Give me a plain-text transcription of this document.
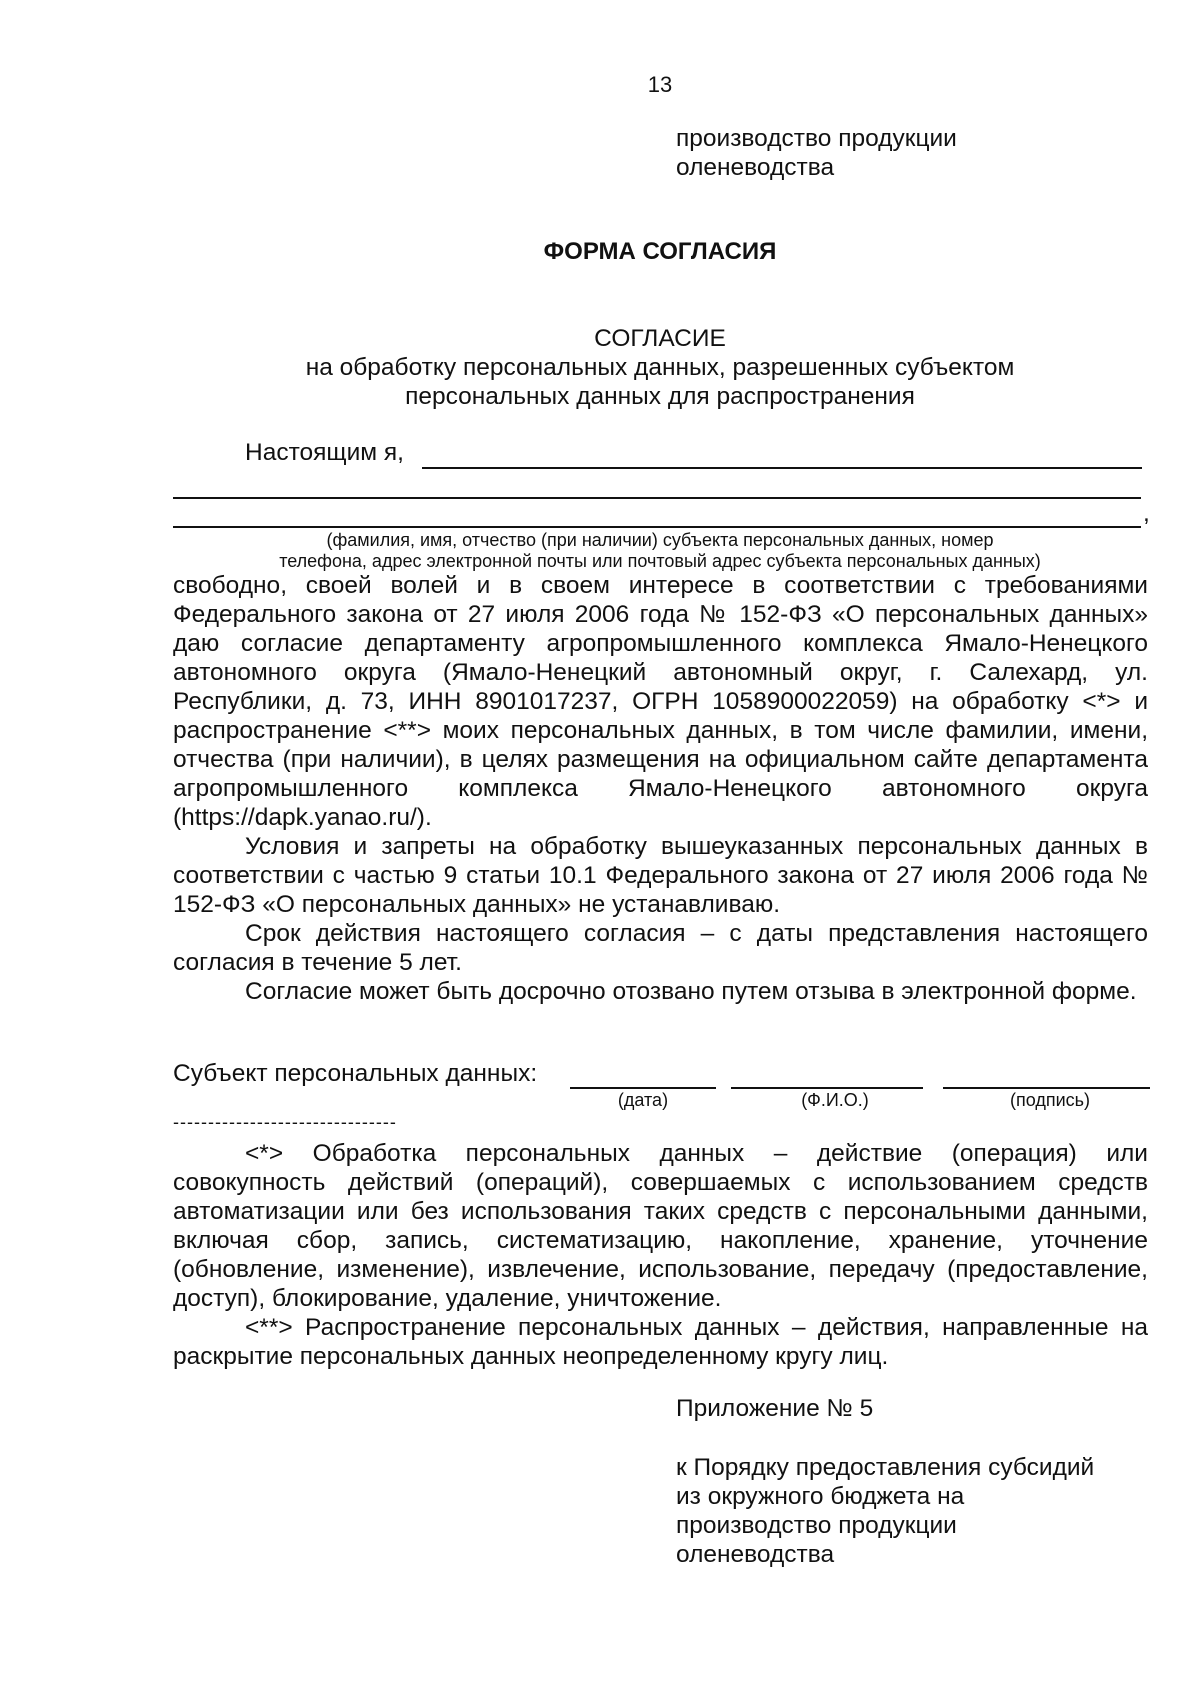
13
производство продукции
оленеводства
ФОРМА СОГЛАСИЯ
СОГЛАСИЕ
на обработку персональных данных, разрешенных субъектом
персональных данных для распространения
Настоящим я,
,
(фамилия, имя, отчество (при наличии) субъекта персональных данных, номер
телефона, адрес электронной почты или почтовый адрес субъекта персональных данных)

свободно, своей волей и в своем интересе в соответствии с требованиями Федерального закона от 27 июля 2006 года № 152-ФЗ «О персональных данных» даю согласие департаменту агропромышленного комплекса Ямало-Ненецкого автономного округа (Ямало-Ненецкий автономный округ, г. Салехард, ул. Республики, д. 73, ИНН 8901017237, ОГРН 1058900022059) на обработку <*> и распространение <**> моих персональных данных, в том числе фамилии, имени, отчества (при наличии), в целях размещения на официальном сайте департамента агропромышленного комплекса Ямало-Ненецкого автономного округа (https://dapk.yanao.ru/).

Условия и запреты на обработку вышеуказанных персональных данных в соответствии с частью 9 статьи 10.1 Федерального закона от 27 июля 2006 года № 152-ФЗ «О персональных данных» не устанавливаю.

Срок действия настоящего согласия – с даты представления настоящего согласия в течение 5 лет.

Согласие может быть досрочно отозвано путем отзыва в электронной форме.

Субъект персональных данных:
(дата)	(Ф.И.О.)	(подпись)
--------------------------------

<*> Обработка персональных данных – действие (операция) или совокупность действий (операций), совершаемых с использованием средств автоматизации или без использования таких средств с персональными данными, включая сбор, запись, систематизацию, накопление, хранение, уточнение (обновление, изменение), извлечение, использование, передачу (предоставление, доступ), блокирование, удаление, уничтожение.

<**> Распространение персональных данных – действия, направленные на раскрытие персональных данных неопределенному кругу лиц.

Приложение № 5
к Порядку предоставления субсидий
из окружного бюджета на
производство продукции
оленеводства
